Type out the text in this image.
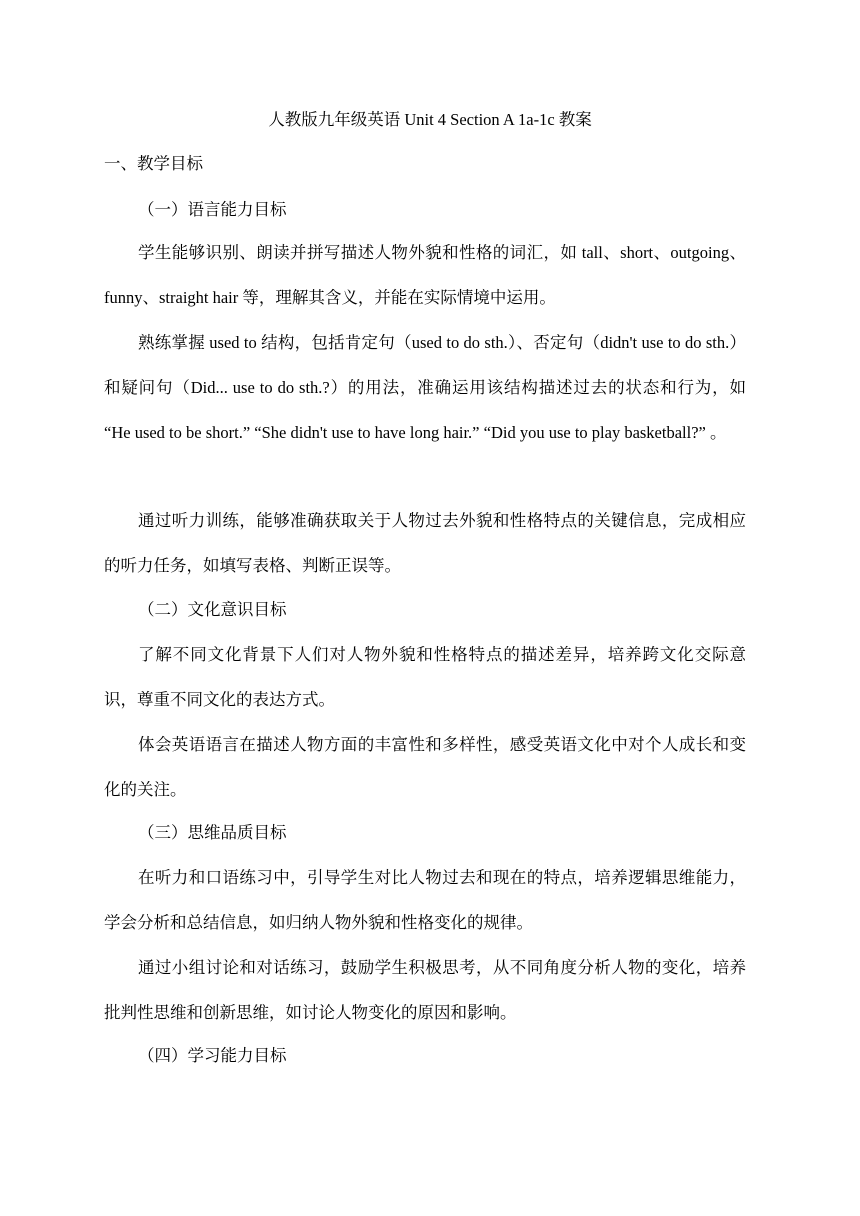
人教版九年级英语 Unit 4 Section A 1a-1c 教案
一、教学目标
（一）语言能力目标
学生能够识别、朗读并拼写描述人物外貌和性格的词汇，如 tall、short、outgoing、funny、straight hair 等，理解其含义，并能在实际情境中运用。
熟练掌握 used to 结构，包括肯定句（used to do sth.）、否定句（didn't use to do sth.）和疑问句（Did... use to do sth.?）的用法，准确运用该结构描述过去的状态和行为，如 “He used to be short.” “She didn't use to have long hair.” “Did you use to play basketball?” 。
通过听力训练，能够准确获取关于人物过去外貌和性格特点的关键信息，完成相应的听力任务，如填写表格、判断正误等。
（二）文化意识目标
了解不同文化背景下人们对人物外貌和性格特点的描述差异，培养跨文化交际意识，尊重不同文化的表达方式。
体会英语语言在描述人物方面的丰富性和多样性，感受英语文化中对个人成长和变化的关注。
（三）思维品质目标
在听力和口语练习中，引导学生对比人物过去和现在的特点，培养逻辑思维能力，学会分析和总结信息，如归纳人物外貌和性格变化的规律。
通过小组讨论和对话练习，鼓励学生积极思考，从不同角度分析人物的变化，培养批判性思维和创新思维，如讨论人物变化的原因和影响。
（四）学习能力目标
